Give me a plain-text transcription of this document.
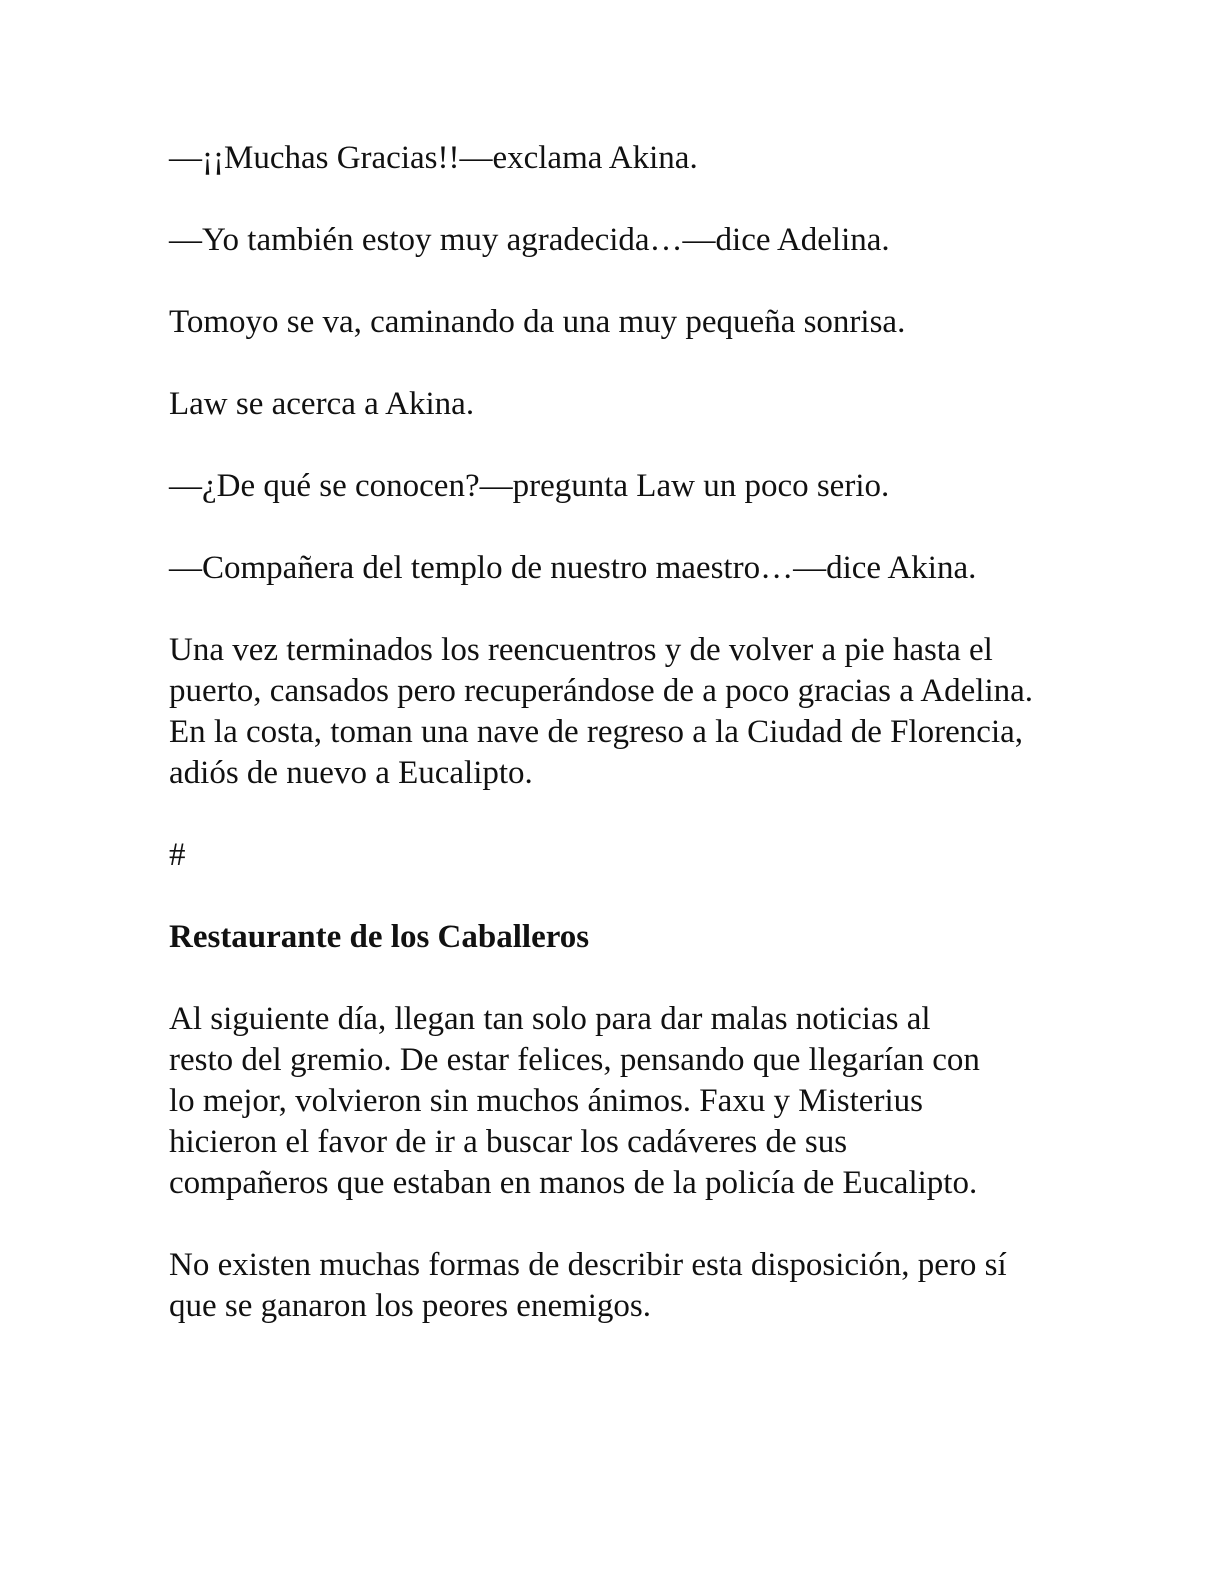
—¡¡Muchas Gracias!!—exclama Akina.

—Yo también estoy muy agradecida…—dice Adelina.

Tomoyo se va, caminando da una muy pequeña sonrisa.

Law se acerca a Akina.

—¿De qué se conocen?—pregunta Law un poco serio.

—Compañera del templo de nuestro maestro…—dice Akina.

Una vez terminados los reencuentros y de volver a pie hasta el puerto, cansados pero recuperándose de a poco gracias a Adelina. En la costa, toman una nave de regreso a la Ciudad de Florencia, adiós de nuevo a Eucalipto.

#

Restaurante de los Caballeros

Al siguiente día, llegan tan solo para dar malas noticias al resto del gremio. De estar felices, pensando que llegarían con lo mejor, volvieron sin muchos ánimos. Faxu y Misterius hicieron el favor de ir a buscar los cadáveres de sus compañeros que estaban en manos de la policía de Eucalipto.

No existen muchas formas de describir esta disposición, pero sí que se ganaron los peores enemigos.
